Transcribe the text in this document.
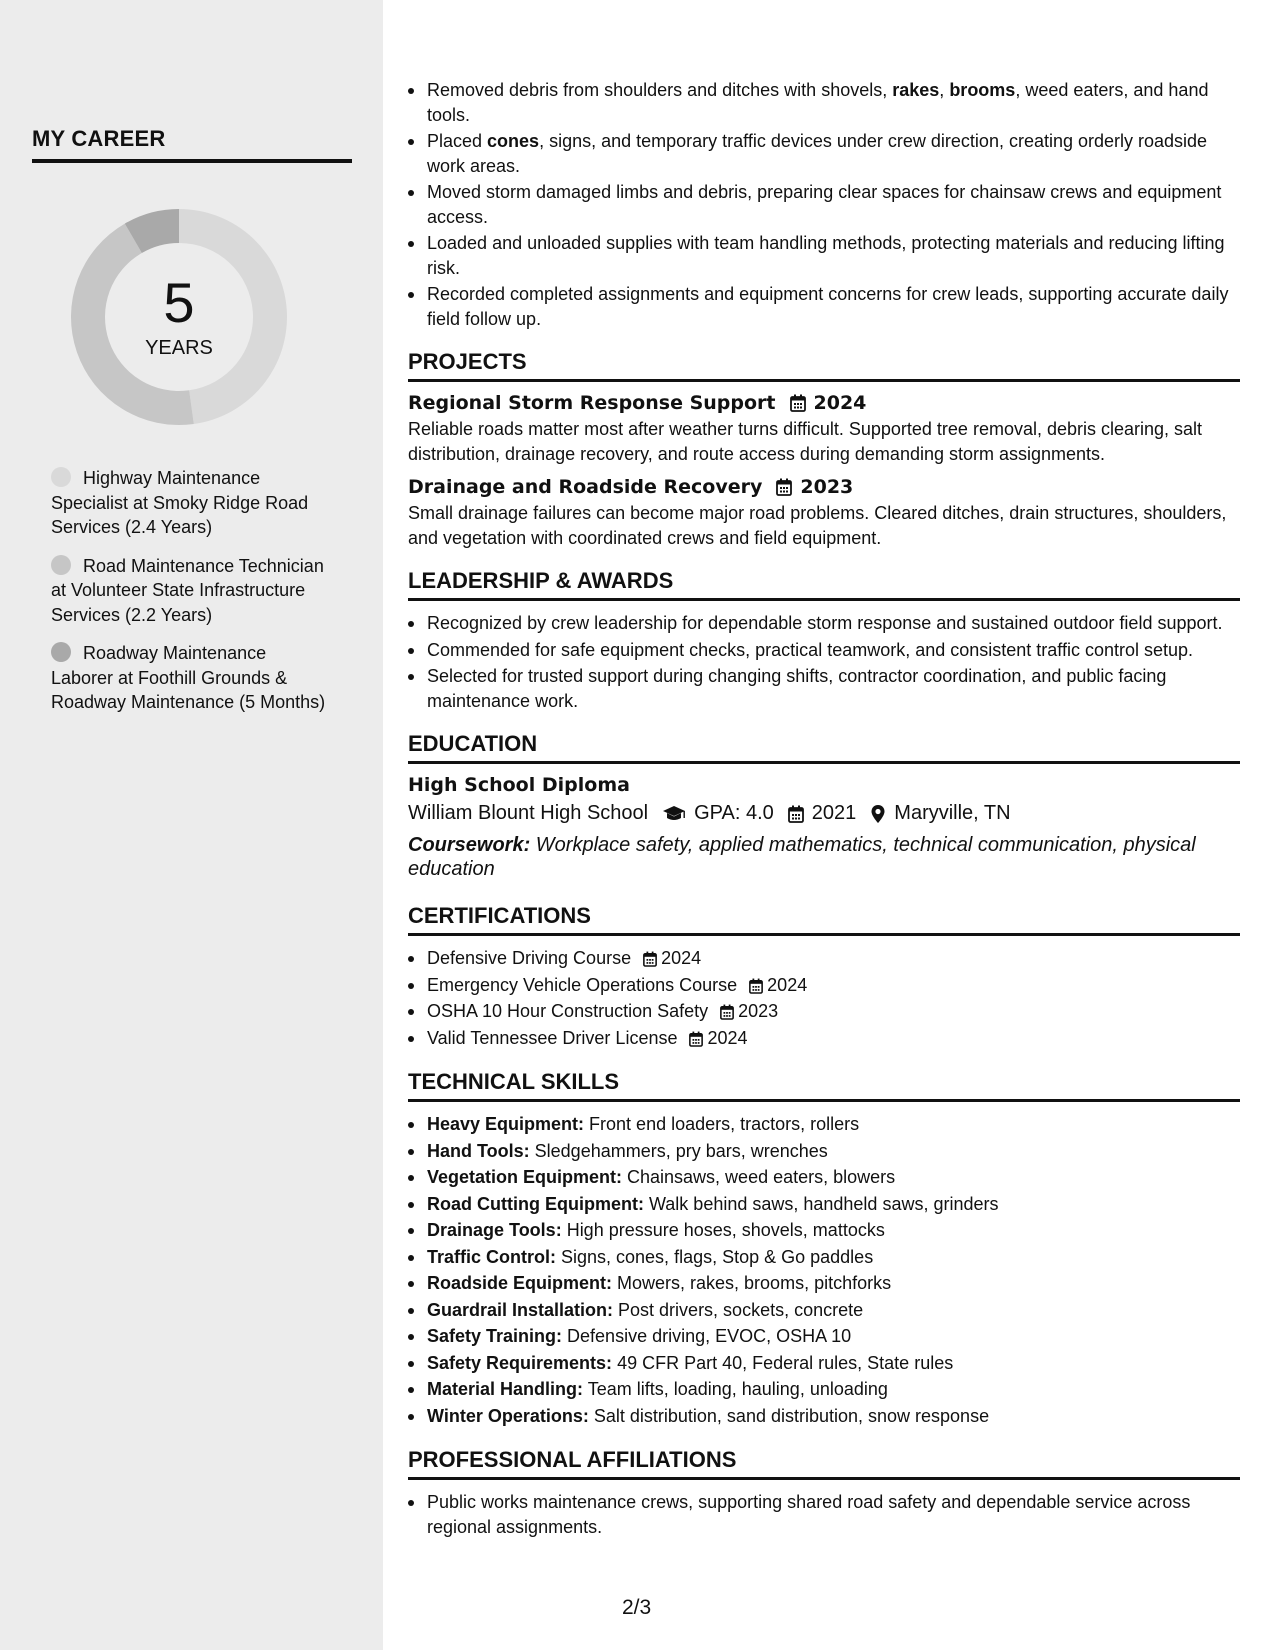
MY CAREER
5
YEARS
Highway Maintenance Specialist at Smoky Ridge Road Services (2.4 Years)
Road Maintenance Technician at Volunteer State Infrastructure Services (2.2 Years)
Roadway Maintenance Laborer at Foothill Grounds & Roadway Maintenance (5 Months)
Removed debris from shoulders and ditches with shovels, rakes, brooms, weed eaters, and hand tools.
Placed cones, signs, and temporary traffic devices under crew direction, creating orderly roadside work areas.
Moved storm damaged limbs and debris, preparing clear spaces for chainsaw crews and equipment access.
Loaded and unloaded supplies with team handling methods, protecting materials and reducing lifting risk.
Recorded completed assignments and equipment concerns for crew leads, supporting accurate daily field follow up.
PROJECTS
Regional Storm Response Support 2024
Reliable roads matter most after weather turns difficult. Supported tree removal, debris clearing, salt distribution, drainage recovery, and route access during demanding storm assignments.
Drainage and Roadside Recovery 2023
Small drainage failures can become major road problems. Cleared ditches, drain structures, shoulders, and vegetation with coordinated crews and field equipment.
LEADERSHIP & AWARDS
Recognized by crew leadership for dependable storm response and sustained outdoor field support.
Commended for safe equipment checks, practical teamwork, and consistent traffic control setup.
Selected for trusted support during changing shifts, contractor coordination, and public facing maintenance work.
EDUCATION
High School Diploma
William Blount High School GPA: 4.0 2021 Maryville, TN
Coursework: Workplace safety, applied mathematics, technical communication, physical education
CERTIFICATIONS
Defensive Driving Course 2024
Emergency Vehicle Operations Course 2024
OSHA 10 Hour Construction Safety 2023
Valid Tennessee Driver License 2024
TECHNICAL SKILLS
Heavy Equipment: Front end loaders, tractors, rollers
Hand Tools: Sledgehammers, pry bars, wrenches
Vegetation Equipment: Chainsaws, weed eaters, blowers
Road Cutting Equipment: Walk behind saws, handheld saws, grinders
Drainage Tools: High pressure hoses, shovels, mattocks
Traffic Control: Signs, cones, flags, Stop & Go paddles
Roadside Equipment: Mowers, rakes, brooms, pitchforks
Guardrail Installation: Post drivers, sockets, concrete
Safety Training: Defensive driving, EVOC, OSHA 10
Safety Requirements: 49 CFR Part 40, Federal rules, State rules
Material Handling: Team lifts, loading, hauling, unloading
Winter Operations: Salt distribution, sand distribution, snow response
PROFESSIONAL AFFILIATIONS
Public works maintenance crews, supporting shared road safety and dependable service across regional assignments.
2/3
